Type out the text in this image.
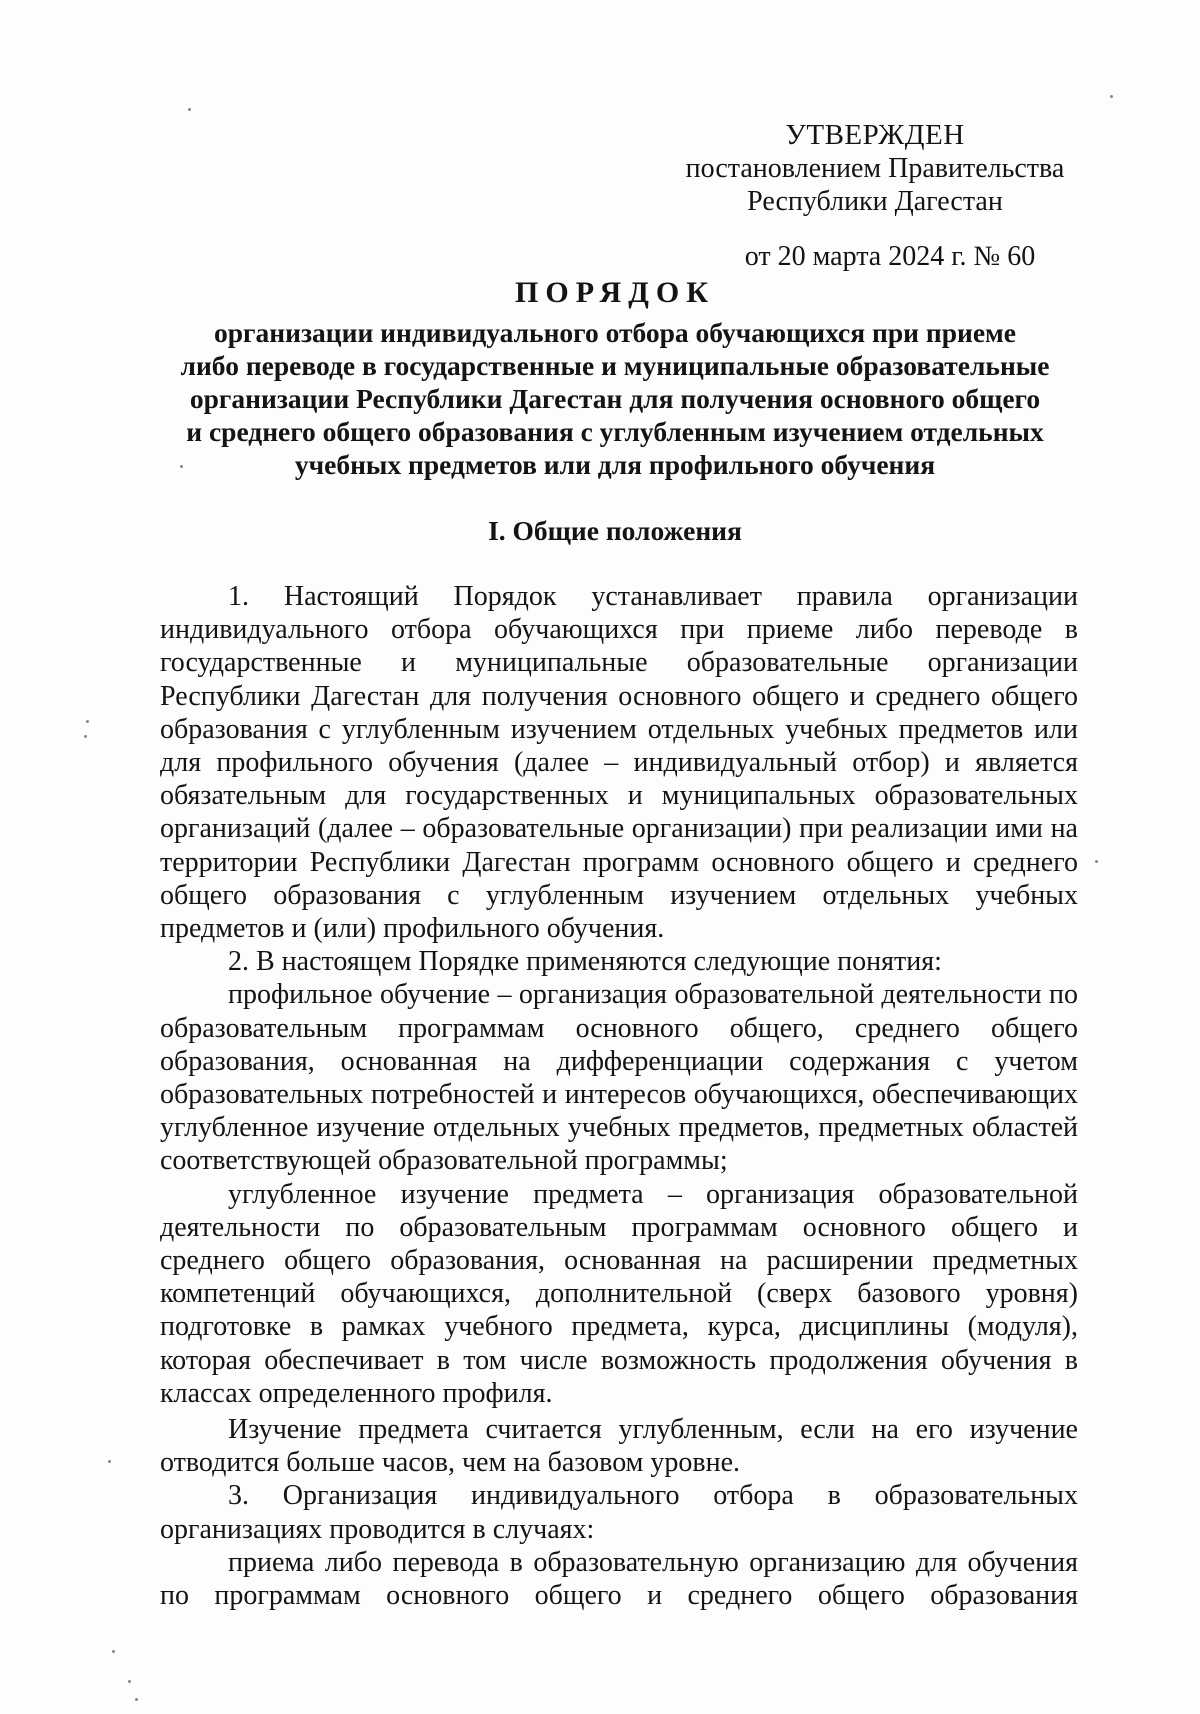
УТВЕРЖДЕН
постановлением Правительства
Республики Дагестан
от 20 марта 2024 г. № 60
ПОРЯДОК
организации индивидуального отбора обучающихся при приеме
либо переводе в государственные и муниципальные образовательные
организации Республики Дагестан для получения основного общего
и среднего общего образования с углубленным изучением отдельных
учебных предметов или для профильного обучения
I. Общие положения

1. Настоящий Порядок устанавливает правила организации индивидуального отбора обучающихся при приеме либо переводе в государственные и муниципальные образовательные организации Республики Дагестан для получения основного общего и среднего общего образования с углубленным изучением отдельных учебных предметов или для профильного обучения (далее – индивидуальный отбор) и является обязательным для государственных и муниципальных образовательных организаций (далее – образовательные организации) при реализации ими на территории Республики Дагестан программ основного общего и среднего общего образования с углубленным изучением отдельных учебных предметов и (или) профильного обучения.

2. В настоящем Порядке применяются следующие понятия:

профильное обучение – организация образовательной деятельности по образовательным программам основного общего, среднего общего образования, основанная на дифференциации содержания с учетом образовательных потребностей и интересов обучающихся, обеспечивающих углубленное изучение отдельных учебных предметов, предметных областей соответствующей образовательной программы;

углубленное изучение предмета – организация образовательной деятельности по образовательным программам основного общего и среднего общего образования, основанная на расширении предметных компетенций обучающихся, дополнительной (сверх базового уровня) подготовке в рамках учебного предмета, курса, дисциплины (модуля), которая обеспечивает в том числе возможность продолжения обучения в классах определенного профиля.

Изучение предмета считается углубленным, если на его изучение отводится больше часов, чем на базовом уровне.

3. Организация индивидуального отбора в образовательных организациях проводится в случаях:

приема либо перевода в образовательную организацию для обучения по программам основного общего и среднего общего образования
